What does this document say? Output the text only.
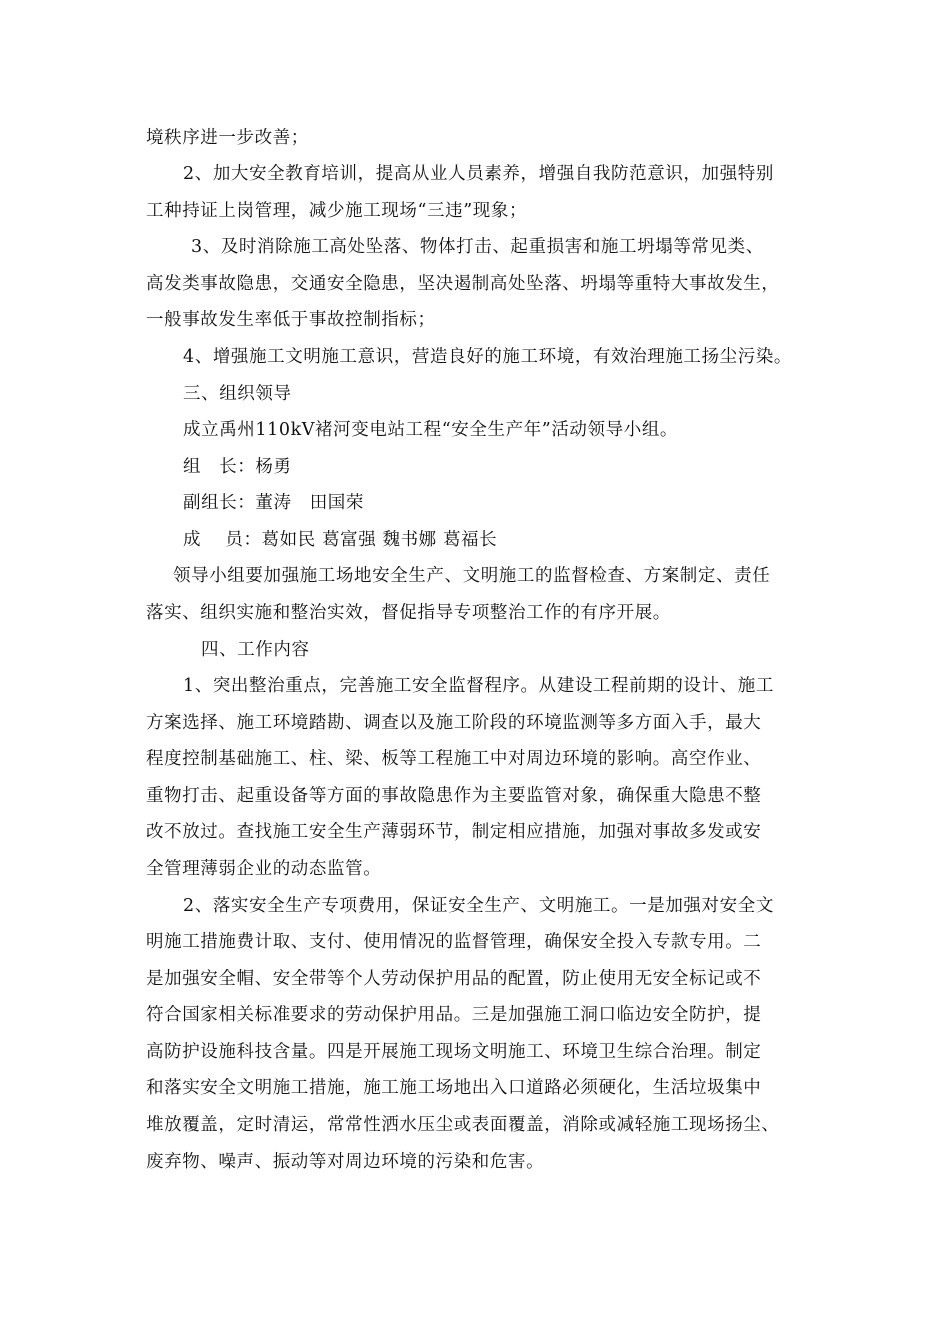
境秩序进一步改善；
2、加大安全教育培训，提高从业人员素养，增强自我防范意识，加强特别
工种持证上岗管理，减少施工现场“三违”现象；
3、及时消除施工高处坠落、物体打击、起重损害和施工坍塌等常见类、
高发类事故隐患，交通安全隐患，坚决遏制高处坠落、坍塌等重特大事故发生，
一般事故发生率低于事故控制指标；
4、增强施工文明施工意识，营造良好的施工环境，有效治理施工扬尘污染。
三、组织领导
成立禹州110kV褚河变电站工程“安全生产年”活动领导小组。
组　长：杨勇
副组长：董涛　田国荣
成　 员：葛如民 葛富强 魏书娜 葛福长
领导小组要加强施工场地安全生产、文明施工的监督检查、方案制定、责任
落实、组织实施和整治实效，督促指导专项整治工作的有序开展。
四、工作内容
1、突出整治重点，完善施工安全监督程序。从建设工程前期的设计、施工
方案选择、施工环境踏勘、调查以及施工阶段的环境监测等多方面入手，最大
程度控制基础施工、柱、梁、板等工程施工中对周边环境的影响。高空作业、
重物打击、起重设备等方面的事故隐患作为主要监管对象，确保重大隐患不整
改不放过。查找施工安全生产薄弱环节，制定相应措施，加强对事故多发或安
全管理薄弱企业的动态监管。
2、落实安全生产专项费用，保证安全生产、文明施工。一是加强对安全文
明施工措施费计取、支付、使用情况的监督管理，确保安全投入专款专用。二
是加强安全帽、安全带等个人劳动保护用品的配置，防止使用无安全标记或不
符合国家相关标准要求的劳动保护用品。三是加强施工洞口临边安全防护，提
高防护设施科技含量。四是开展施工现场文明施工、环境卫生综合治理。制定
和落实安全文明施工措施，施工施工场地出入口道路必须硬化，生活垃圾集中
堆放覆盖，定时清运，常常性洒水压尘或表面覆盖，消除或减轻施工现场扬尘、
废弃物、噪声、振动等对周边环境的污染和危害。
